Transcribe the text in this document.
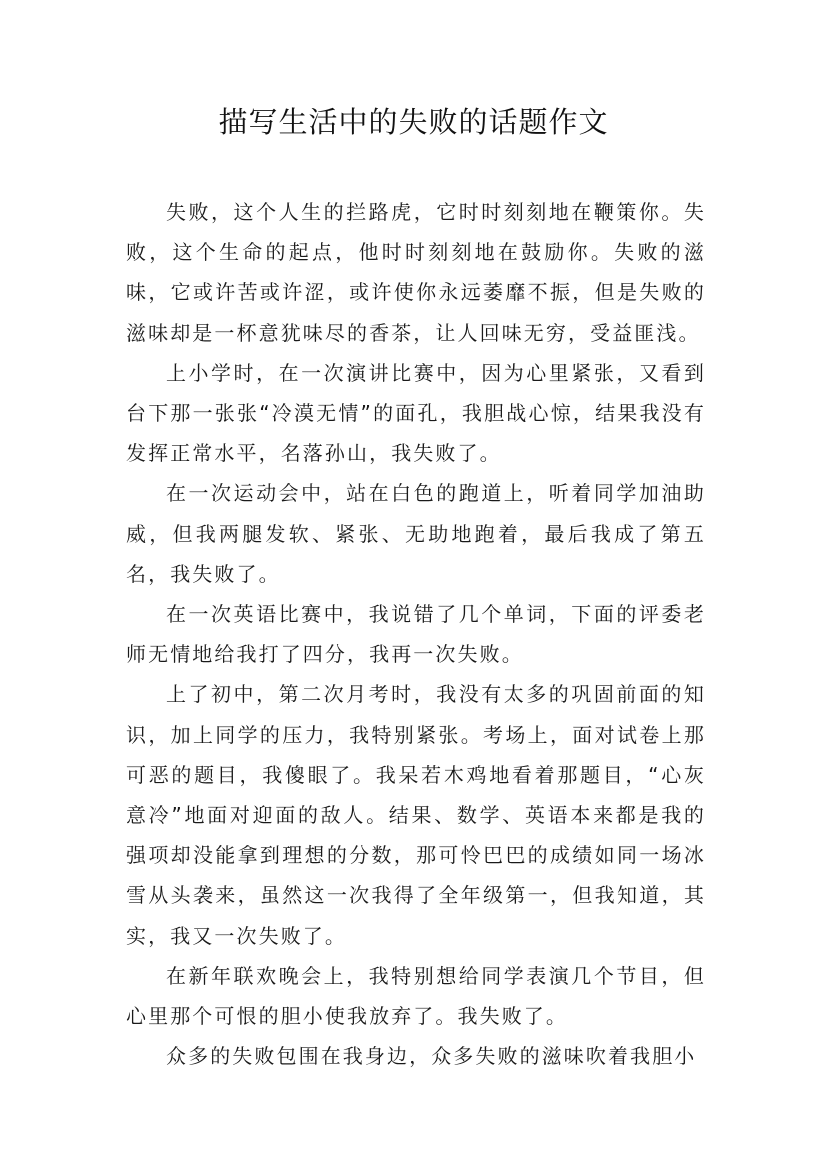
描写生活中的失败的话题作文

失败，这个人生的拦路虎，它时时刻刻地在鞭策你。失败，这个生命的起点，他时时刻刻地在鼓励你。失败的滋味，它或许苦或许涩，或许使你永远萎靡不振，但是失败的滋味却是一杯意犹味尽的香茶，让人回味无穷，受益匪浅。

上小学时，在一次演讲比赛中，因为心里紧张，又看到台下那一张张“冷漠无情”的面孔，我胆战心惊，结果我没有发挥正常水平，名落孙山，我失败了。

在一次运动会中，站在白色的跑道上，听着同学加油助威，但我两腿发软、紧张、无助地跑着，最后我成了第五名，我失败了。

在一次英语比赛中，我说错了几个单词，下面的评委老师无情地给我打了四分，我再一次失败。

上了初中，第二次月考时，我没有太多的巩固前面的知识，加上同学的压力，我特别紧张。考场上，面对试卷上那可恶的题目，我傻眼了。我呆若木鸡地看着那题目，“心灰意冷”地面对迎面的敌人。结果、数学、英语本来都是我的强项却没能拿到理想的分数，那可怜巴巴的成绩如同一场冰雪从头袭来，虽然这一次我得了全年级第一，但我知道，其实，我又一次失败了。

在新年联欢晚会上，我特别想给同学表演几个节目，但心里那个可恨的胆小使我放弃了。我失败了。

众多的失败包围在我身边，众多失败的滋味吹着我胆小
